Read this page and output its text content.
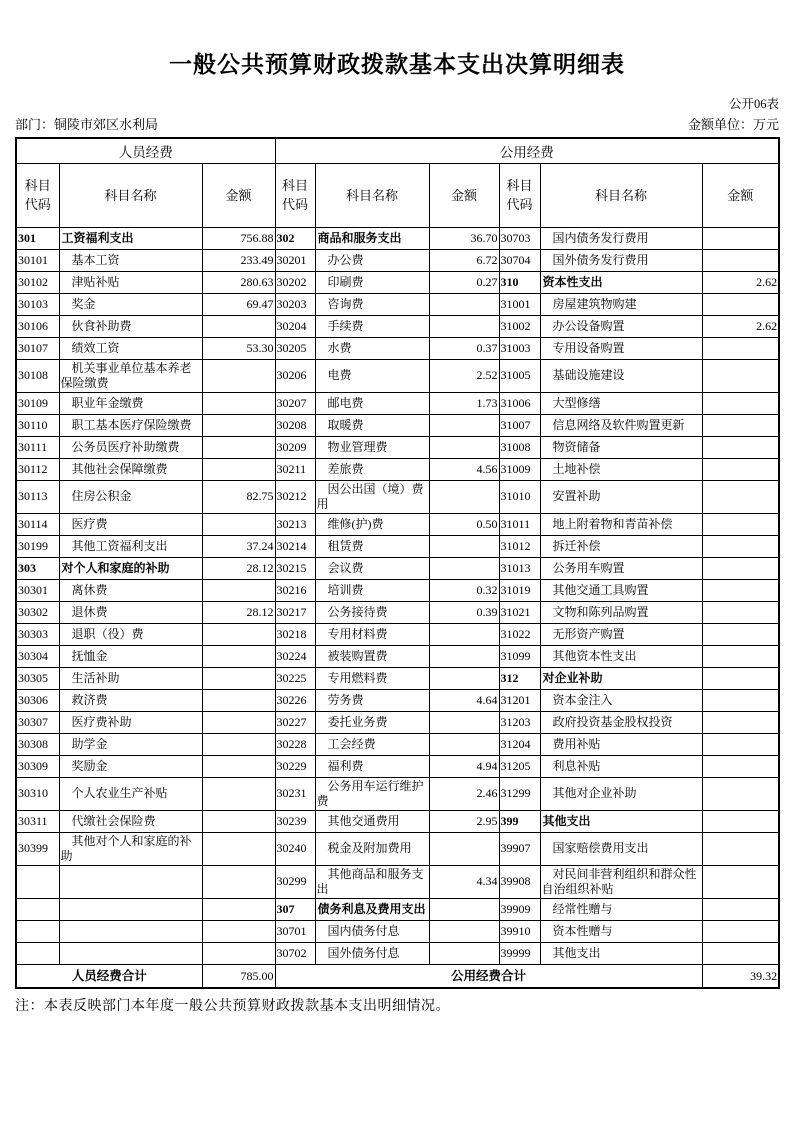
一般公共预算财政拨款基本支出决算明细表
公开06表
部门：铜陵市郊区水利局	金额单位：万元
人员经费			公用经费					
科目代码	科目名称	金额	科目代码	科目名称	金额	科目代码	科目名称	金额
301	工资福利支出	756.88	302	商品和服务支出	36.70	30703	国内债务发行费用	
30101	基本工资	233.49	30201	办公费	6.72	30704	国外债务发行费用	
30102	津贴补贴	280.63	30202	印刷费	0.27	310	资本性支出	2.62
30103	奖金	69.47	30203	咨询费		31001	房屋建筑物购建	
30106	伙食补助费		30204	手续费		31002	办公设备购置	2.62
30107	绩效工资	53.30	30205	水费	0.37	31003	专用设备购置	
30108	机关事业单位基本养老保险缴费		30206	电费	2.52	31005	基础设施建设	
30109	职业年金缴费		30207	邮电费	1.73	31006	大型修缮	
30110	职工基本医疗保险缴费		30208	取暖费		31007	信息网络及软件购置更新	
30111	公务员医疗补助缴费		30209	物业管理费		31008	物资储备	
30112	其他社会保障缴费		30211	差旅费	4.56	31009	土地补偿	
30113	住房公积金	82.75	30212	因公出国（境）费用		31010	安置补助	
30114	医疗费		30213	维修(护)费	0.50	31011	地上附着物和青苗补偿	
30199	其他工资福利支出	37.24	30214	租赁费		31012	拆迁补偿	
303	对个人和家庭的补助	28.12	30215	会议费		31013	公务用车购置	
30301	离休费		30216	培训费	0.32	31019	其他交通工具购置	
30302	退休费	28.12	30217	公务接待费	0.39	31021	文物和陈列品购置	
30303	退职（役）费		30218	专用材料费		31022	无形资产购置	
30304	抚恤金		30224	被装购置费		31099	其他资本性支出	
30305	生活补助		30225	专用燃料费		312	对企业补助	
30306	救济费		30226	劳务费	4.64	31201	资本金注入	
30307	医疗费补助		30227	委托业务费		31203	政府投资基金股权投资	
30308	助学金		30228	工会经费		31204	费用补贴	
30309	奖励金		30229	福利费	4.94	31205	利息补贴	
30310	个人农业生产补贴		30231	公务用车运行维护费	2.46	31299	其他对企业补助	
30311	代缴社会保险费		30239	其他交通费用	2.95	399	其他支出	
30399	其他对个人和家庭的补助		30240	税金及附加费用		39907	国家赔偿费用支出	
			30299	其他商品和服务支出	4.34	39908	对民间非营利组织和群众性自治组织补贴	
			307	债务利息及费用支出		39909	经常性赠与	
			30701	国内债务付息		39910	资本性赠与	
			30702	国外债务付息		39999	其他支出	
人员经费合计		785.00	公用经费合计					39.32
注：本表反映部门本年度一般公共预算财政拨款基本支出明细情况。
